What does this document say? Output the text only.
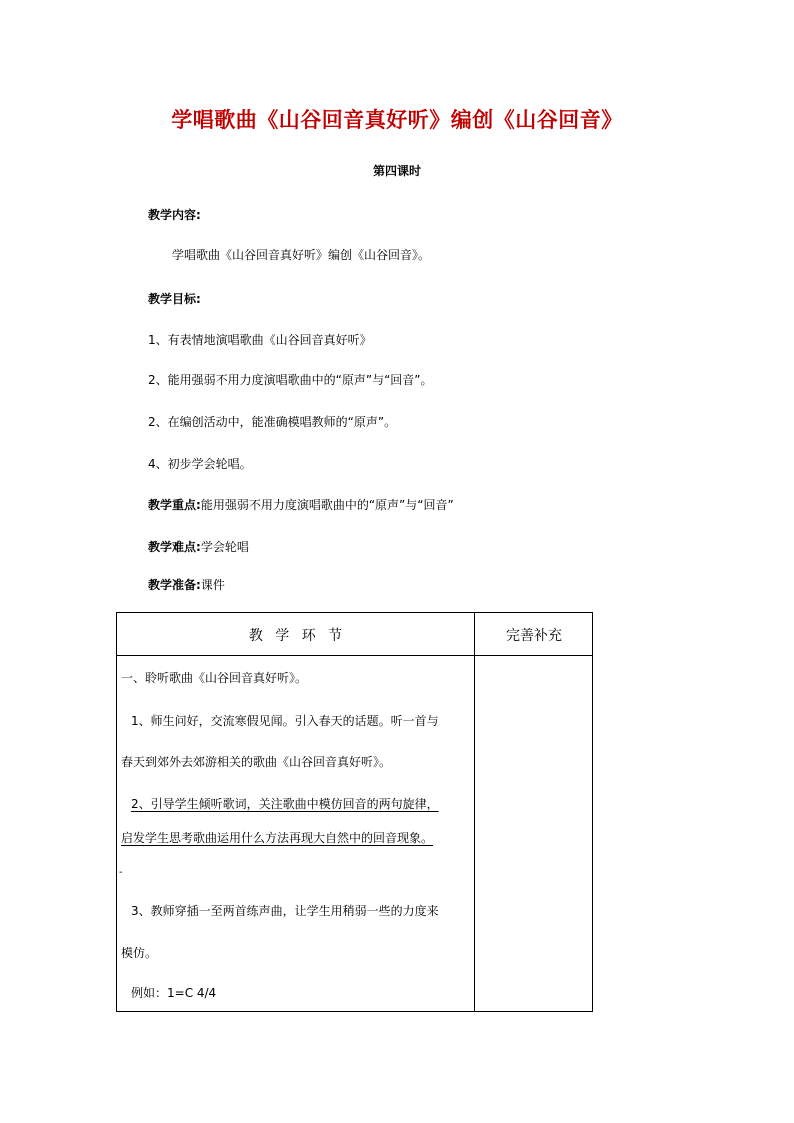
学唱歌曲《山谷回音真好听》编创《山谷回音》
第四课时
教学内容:
学唱歌曲《山谷回音真好听》编创《山谷回音》。
教学目标:
1、有表情地演唱歌曲《山谷回音真好听》
2、能用强弱不用力度演唱歌曲中的“原声”与“回音”。
2、在编创活动中，能准确模唱教师的“原声”。
4、初步学会轮唱。
教学重点:能用强弱不用力度演唱歌曲中的“原声”与“回音”
教学难点:学会轮唱
教学准备:课件
教 学 环 节	完善补充
一、聆听歌曲《山谷回音真好听》。
1、师生问好，交流寒假见闻。引入春天的话题。听一首与
春天到郊外去郊游相关的歌曲《山谷回音真好听》。
2、引导学生倾听歌词，关注歌曲中模仿回音的两句旋律，
启发学生思考歌曲运用什么方法再现大自然中的回音现象。
-
3、教师穿插一至两首练声曲，让学生用稍弱一些的力度来
模仿。
例如：1=C 4/4
